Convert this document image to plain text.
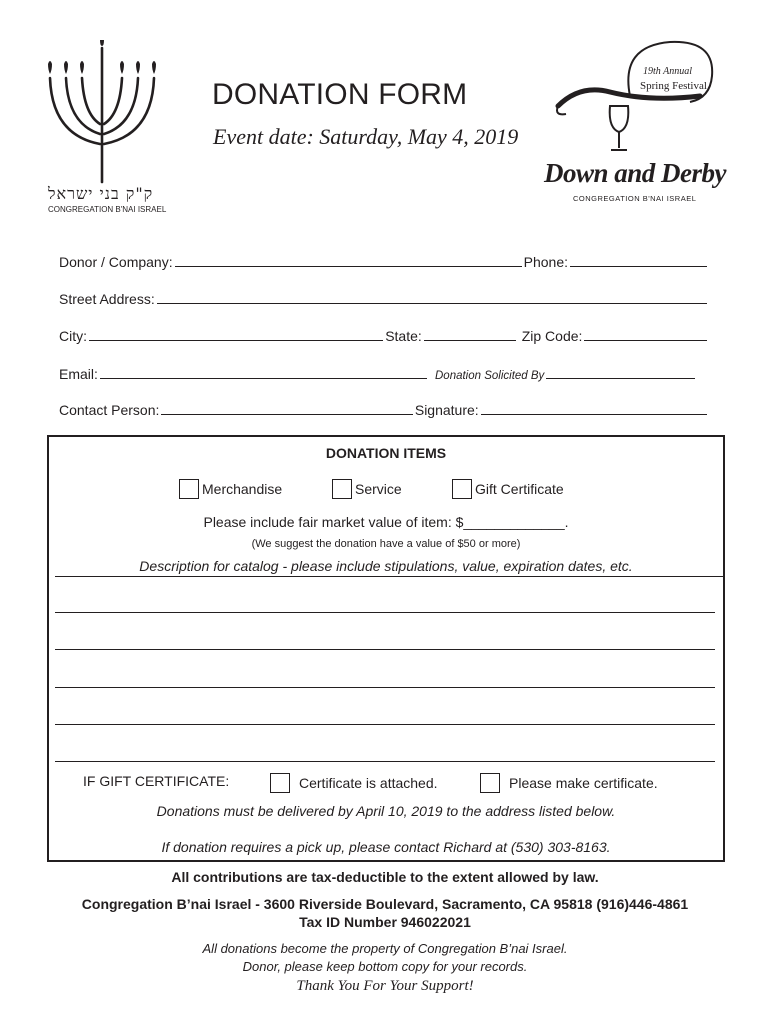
ק"ק בני ישראל
CONGREGATION B'NAI ISRAEL
DONATION FORM
Event date: Saturday, May 4, 2019
19th Annual
Spring Festival
Down and Derby
CONGREGATION B'NAI ISRAEL
Donor / Company:	Phone:
Street Address:
City:	State:	Zip Code:
Email:	Donation Solicited By
Contact Person:	Signature:
DONATION ITEMS
Merchandise	Service	Gift Certificate
Please include fair market value of item: $_____________.
(We suggest the donation have a value of $50 or more)
Description for catalog - please include stipulations, value, expiration dates, etc.
IF GIFT CERTIFICATE:	Certificate is attached.	Please make certificate.
Donations must be delivered by April 10, 2019 to the address listed below.
If donation requires a pick up, please contact Richard at (530) 303-8163.
All contributions are tax-deductible to the extent allowed by law.
Congregation B’nai Israel - 3600 Riverside Boulevard, Sacramento, CA 95818 (916)446-4861
Tax ID Number 946022021
All donations become the property of Congregation B’nai Israel.
Donor, please keep bottom copy for your records.
Thank You For Your Support!
